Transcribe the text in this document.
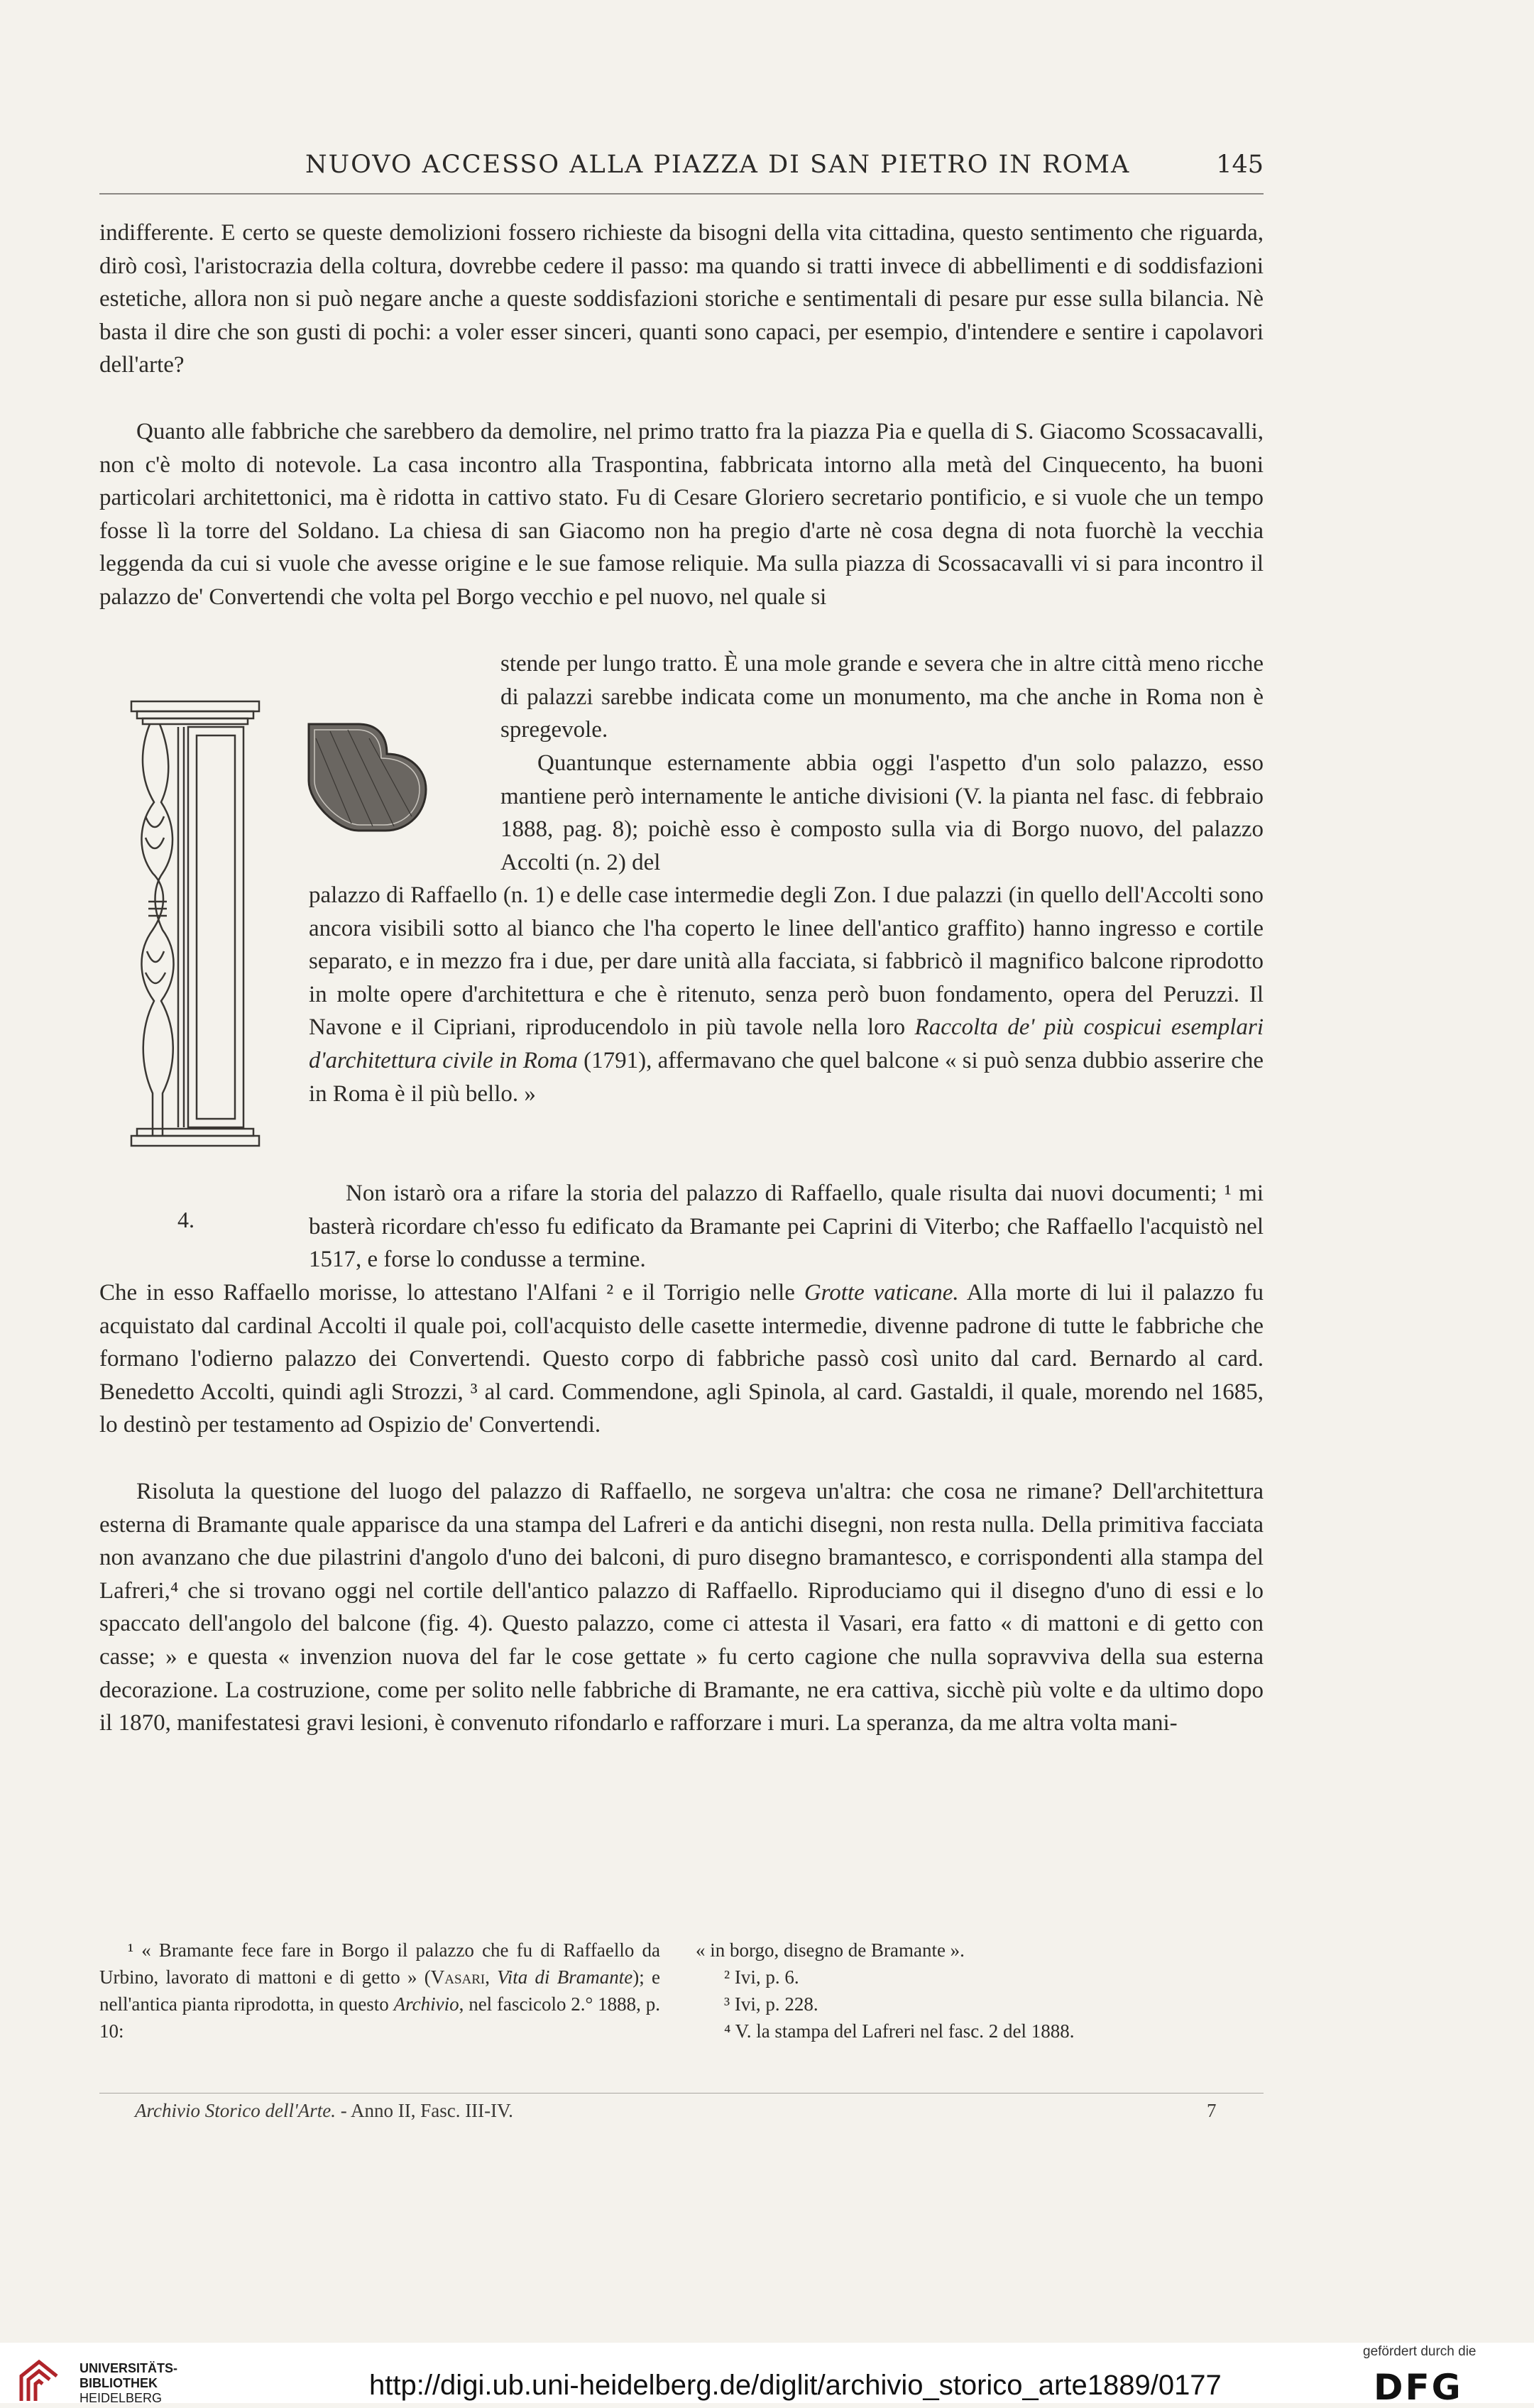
NUOVO ACCESSO ALLA PIAZZA DI SAN PIETRO IN ROMA	145
indifferente. E certo se queste demolizioni fossero richieste da bisogni della vita cittadina, questo sentimento che riguarda, dirò così, l'aristocrazia della coltura, dovrebbe cedere il passo: ma quando si tratti invece di abbellimenti e di soddisfazioni estetiche, allora non si può negare anche a queste soddisfazioni storiche e sentimentali di pesare pur esse sulla bilancia. Nè basta il dire che son gusti di pochi: a voler esser sinceri, quanti sono capaci, per esempio, d'intendere e sentire i capolavori dell'arte?
Quanto alle fabbriche che sarebbero da demolire, nel primo tratto fra la piazza Pia e quella di S. Giacomo Scossacavalli, non c'è molto di notevole. La casa incontro alla Traspontina, fabbricata intorno alla metà del Cinquecento, ha buoni particolari architettonici, ma è ridotta in cattivo stato. Fu di Cesare Gloriero secretario pontificio, e si vuole che un tempo fosse lì la torre del Soldano. La chiesa di san Giacomo non ha pregio d'arte nè cosa degna di nota fuorchè la vecchia leggenda da cui si vuole che avesse origine e le sue famose reliquie. Ma sulla piazza di Scossacavalli vi si para incontro il palazzo de' Convertendi che volta pel Borgo vecchio e pel nuovo, nel quale si
stende per lungo tratto. È una mole grande e severa che in altre città meno ricche di palazzi sarebbe indicata come un monumento, ma che anche in Roma non è spregevole.
Quantunque esternamente abbia oggi l'aspetto d'un solo palazzo, esso mantiene però internamente le antiche divisioni (V. la pianta nel fasc. di febbraio 1888, pag. 8); poichè esso è composto sulla via di Borgo nuovo, del palazzo Accolti (n. 2) del
palazzo di Raffaello (n. 1) e delle case intermedie degli Zon. I due palazzi (in quello dell'Accolti sono ancora visibili sotto al bianco che l'ha coperto le linee dell'antico graffito) hanno ingresso e cortile separato, e in mezzo fra i due, per dare unità alla facciata, si fabbricò il magnifico balcone riprodotto in molte opere d'architettura e che è ritenuto, senza però buon fondamento, opera del Peruzzi. Il Navone e il Cipriani, riproducendolo in più tavole nella loro Raccolta de' più cospicui esemplari d'architettura civile in Roma (1791), affermavano che quel balcone « si può senza dubbio asserire che in Roma è il più bello. »
Non istarò ora a rifare la storia del palazzo di Raffaello, quale risulta dai nuovi documenti; ¹ mi basterà ricordare ch'esso fu edificato da Bramante pei Caprini di Viterbo; che Raffaello l'acquistò nel 1517, e forse lo condusse a termine.
Che in esso Raffaello morisse, lo attestano l'Alfani ² e il Torrigio nelle Grotte vaticane. Alla morte di lui il palazzo fu acquistato dal cardinal Accolti il quale poi, coll'acquisto delle casette intermedie, divenne padrone di tutte le fabbriche che formano l'odierno palazzo dei Convertendi. Questo corpo di fabbriche passò così unito dal card. Bernardo al card. Benedetto Accolti, quindi agli Strozzi, ³ al card. Commendone, agli Spinola, al card. Gastaldi, il quale, morendo nel 1685, lo destinò per testamento ad Ospizio de' Convertendi.
Risoluta la questione del luogo del palazzo di Raffaello, ne sorgeva un'altra: che cosa ne rimane? Dell'architettura esterna di Bramante quale apparisce da una stampa del Lafreri e da antichi disegni, non resta nulla. Della primitiva facciata non avanzano che due pilastrini d'angolo d'uno dei balconi, di puro disegno bramantesco, e corrispondenti alla stampa del Lafreri,⁴ che si trovano oggi nel cortile dell'antico palazzo di Raffaello. Riproduciamo qui il disegno d'uno di essi e lo spaccato dell'angolo del balcone (fig. 4). Questo palazzo, come ci attesta il Vasari, era fatto « di mattoni e di getto con casse; » e questa « invenzion nuova del far le cose gettate » fu certo cagione che nulla sopravviva della sua esterna decorazione. La costruzione, come per solito nelle fabbriche di Bramante, ne era cattiva, sicchè più volte e da ultimo dopo il 1870, manifestatesi gravi lesioni, è convenuto rifondarlo e rafforzare i muri. La speranza, da me altra volta mani-
4.
¹ « Bramante fece fare in Borgo il palazzo che fu di Raffaello da Urbino, lavorato di mattoni e di getto » (Vasari, Vita di Bramante); e nell'antica pianta riprodotta, in questo Archivio, nel fascicolo 2.° 1888, p. 10:
« in borgo, disegno de Bramante ».
² Ivi, p. 6.
³ Ivi, p. 228.
⁴ V. la stampa del Lafreri nel fasc. 2 del 1888.
Archivio Storico dell'Arte. - Anno II, Fasc. III-IV.	7
UNIVERSITÄTS-
BIBLIOTHEK
HEIDELBERG	http://digi.ub.uni-heidelberg.de/diglit/archivio_storico_arte1889/0177
gefördert durch die
DFG
